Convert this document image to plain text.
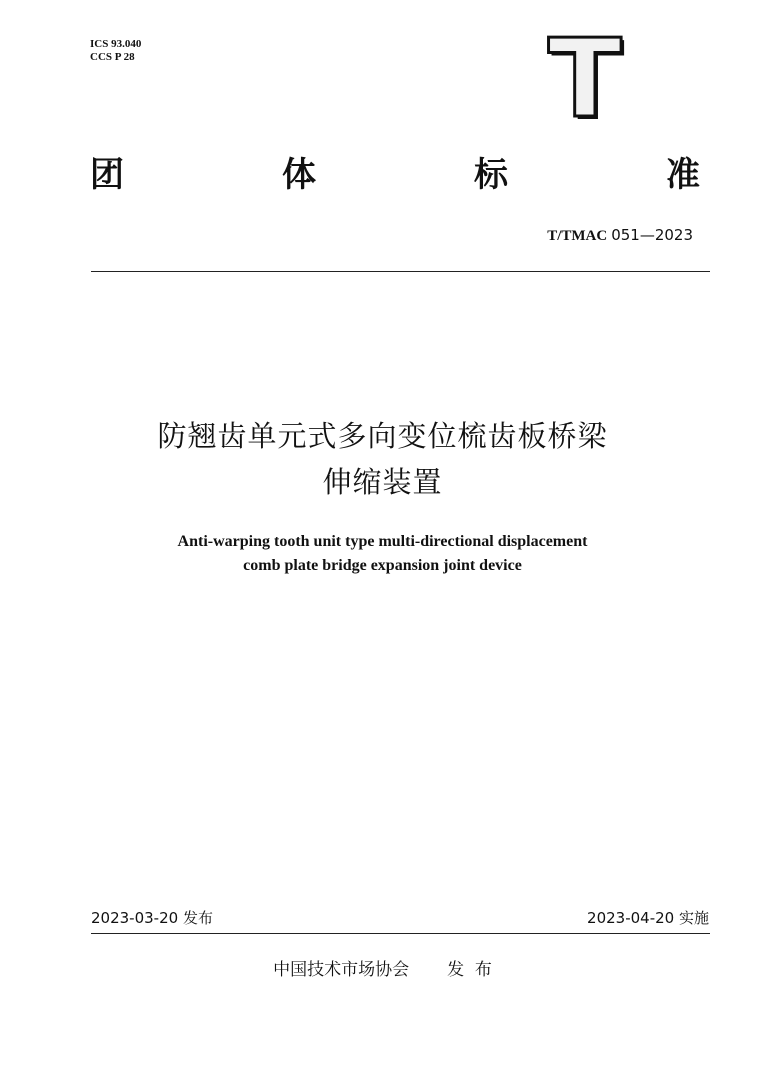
ICS 93.040
CCS P 28	T
团	体	标	准
T/TMAC 051—2023
防翘齿单元式多向变位梳齿板桥梁
伸缩装置
Anti-warping tooth unit type multi-directional displacement
comb plate bridge expansion joint device
2023-03-20 发布	2023-04-20 实施
中国技术市场协会 发  布
